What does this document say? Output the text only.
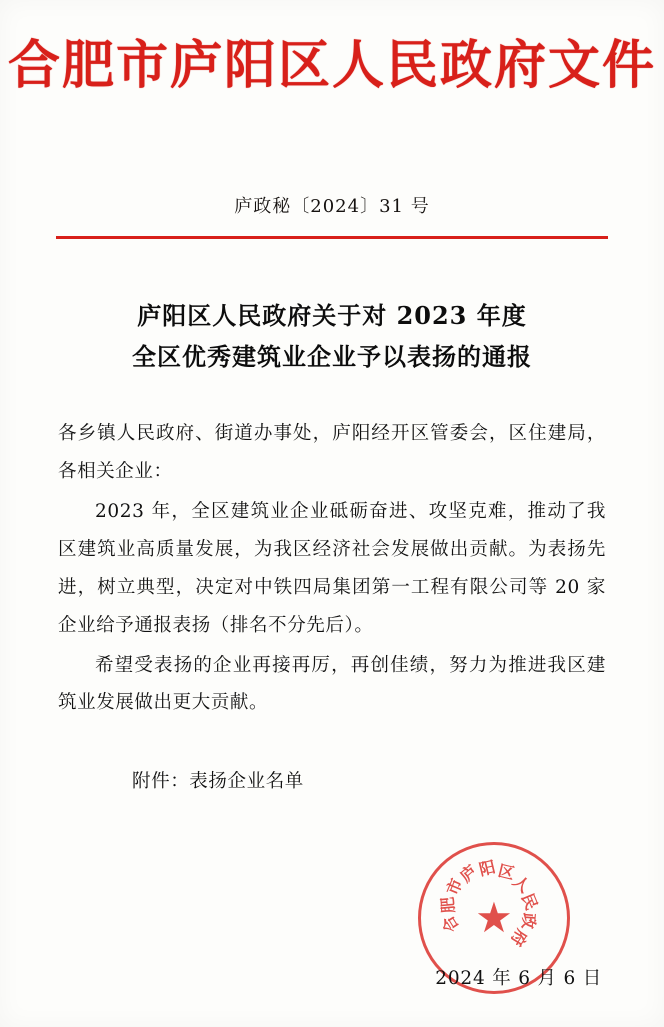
合肥市庐阳区人民政府文件
庐政秘〔2024〕31 号
庐阳区人民政府关于对 2023 年度
全区优秀建筑业企业予以表扬的通报

各乡镇人民政府、街道办事处，庐阳经开区管委会，区住建局，各相关企业：

2023 年，全区建筑业企业砥砺奋进、攻坚克难，推动了我区建筑业高质量发展，为我区经济社会发展做出贡献。为表扬先进，树立典型，决定对中铁四局集团第一工程有限公司等 20 家企业给予通报表扬（排名不分先后）。

希望受表扬的企业再接再厉，再创佳绩，努力为推进我区建筑业发展做出更大贡献。

附件：表扬企业名单
合
肥
市
庐
阳
区
人
民
政
府
★
2024 年 6 月 6 日
